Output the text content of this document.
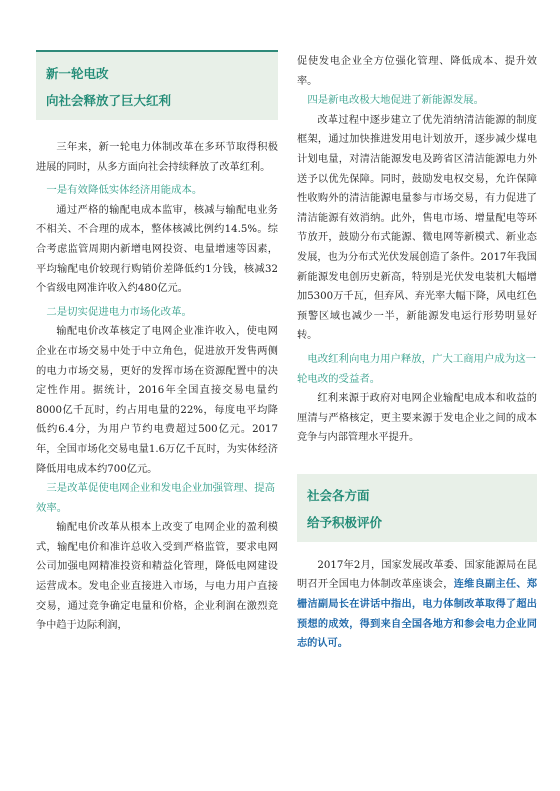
新一轮电改
向社会释放了巨大红利

三年来，新一轮电力体制改革在多环节取得积极进展的同时，从多方面向社会持续释放了改革红利。

一是有效降低实体经济用能成本。

通过严格的输配电成本监审，核减与输配电业务不相关、不合理的成本，整体核减比例约14.5%。综合考虑监管周期内新增电网投资、电量增速等因素，平均输配电价较现行购销价差降低约1分钱，核减32个省级电网准许收入约480亿元。

二是切实促进电力市场化改革。

输配电价改革核定了电网企业准许收入，使电网企业在市场交易中处于中立角色，促进放开发售两侧的电力市场交易，更好的发挥市场在资源配置中的决定性作用。据统计，2016年全国直接交易电量约8000亿千瓦时，约占用电量的22%，每度电平均降低约6.4分，为用户节约电费超过500亿元。2017年，全国市场化交易电量1.6万亿千瓦时，为实体经济降低用电成本约700亿元。

三是改革促使电网企业和发电企业加强管理、提高效率。

输配电价改革从根本上改变了电网企业的盈利模式，输配电价和准许总收入受到严格监管，要求电网公司加强电网精准投资和精益化管理，降低电网建设运营成本。发电企业直接进入市场，与电力用户直接交易，通过竞争确定电量和价格，企业利润在激烈竞争中趋于边际利润，

促使发电企业全方位强化管理、降低成本、提升效率。

四是新电改极大地促进了新能源发展。

改革过程中逐步建立了优先消纳清洁能源的制度框架，通过加快推进发用电计划放开，逐步减少煤电计划电量，对清洁能源发电及跨省区清洁能源电力外送予以优先保障。同时，鼓励发电权交易，允许保障性收购外的清洁能源电量参与市场交易，有力促进了清洁能源有效消纳。此外，售电市场、增量配电等环节放开，鼓励分布式能源、微电网等新模式、新业态发展，也为分布式光伏发展创造了条件。2017年我国新能源发电创历史新高，特别是光伏发电装机大幅增加5300万千瓦，但弃风、弃光率大幅下降，风电红色预警区域也减少一半，新能源发电运行形势明显好转。

电改红利向电力用户释放，广大工商用户成为这一轮电改的受益者。

红利来源于政府对电网企业输配电成本和收益的厘清与严格核定，更主要来源于发电企业之间的成本竞争与内部管理水平提升。

社会各方面
给予积极评价

2017年2月，国家发展改革委、国家能源局在昆明召开全国电力体制改革座谈会，连维良副主任、郑栅洁副局长在讲话中指出，电力体制改革取得了超出预想的成效，得到来自全国各地方和参会电力企业同志的认可。
